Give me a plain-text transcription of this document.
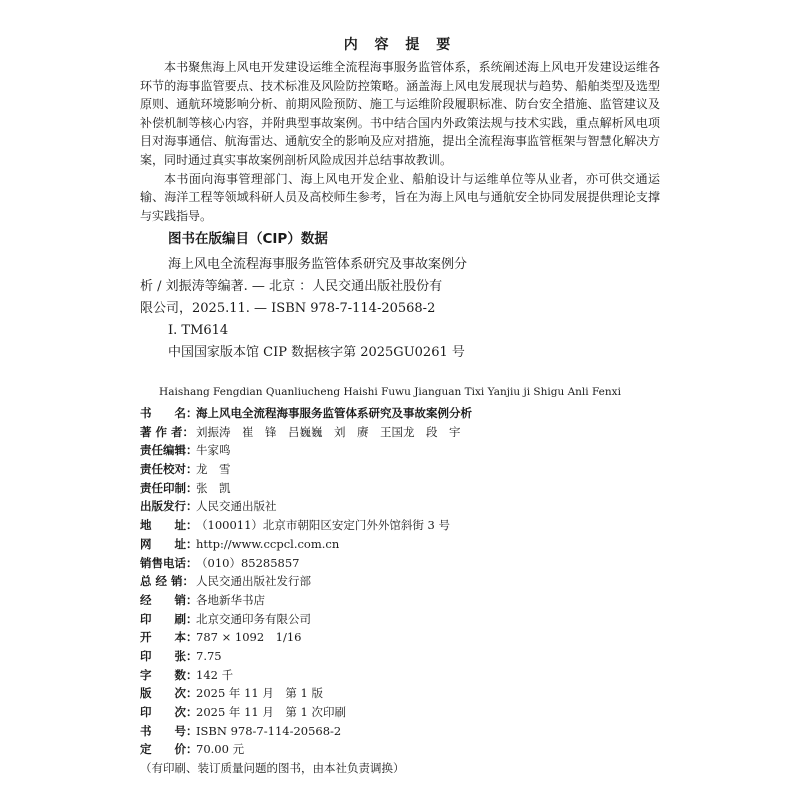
内 容 提 要

本书聚焦海上风电开发建设运维全流程海事服务监管体系，系统阐述海上风电开发建设运维各环节的海事监管要点、技术标准及风险防控策略。涵盖海上风电发展现状与趋势、船舶类型及选型原则、通航环境影响分析、前期风险预防、施工与运维阶段履职标准、防台安全措施、监管建议及补偿机制等核心内容，并附典型事故案例。书中结合国内外政策法规与技术实践，重点解析风电项目对海事通信、航海雷达、通航安全的影响及应对措施，提出全流程海事监管框架与智慧化解决方案，同时通过真实事故案例剖析风险成因并总结事故教训。

本书面向海事管理部门、海上风电开发企业、船舶设计与运维单位等从业者，亦可供交通运输、海洋工程等领域科研人员及高校师生参考，旨在为海上风电与通航安全协同发展提供理论支撑与实践指导。

图书在版编目（CIP）数据
海上风电全流程海事服务监管体系研究及事故案例分
析 / 刘振涛等编著. — 北京 ：人民交通出版社股份有
限公司，2025.11. — ISBN 978-7-114-20568-2
Ⅰ. TM614
中国国家版本馆 CIP 数据核字第 2025GU0261 号
Haishang Fengdian Quanliucheng Haishi Fuwu Jianguan Tixi Yanjiu ji Shigu Anli Fenxi
书　　名：海上风电全流程海事服务监管体系研究及事故案例分析
著 作 者： 刘振涛　崔　锋　吕巍巍　刘　赓　王国龙　段　宇
责任编辑：牛家鸣
责任校对：龙　雪
责任印制：张　凯
出版发行：人民交通出版社
地　　址：（100011）北京市朝阳区安定门外外馆斜街 3 号
网　　址：http://www.ccpcl.com.cn
销售电话：（010）85285857
总 经 销： 人民交通出版社发行部
经　　销：各地新华书店
印　　刷：北京交通印务有限公司
开　　本：787 × 1092　1/16
印　　张：7.75
字　　数：142 千
版　　次：2025 年 11 月　第 1 版
印　　次：2025 年 11 月　第 1 次印刷
书　　号：ISBN 978-7-114-20568-2
定　　价：70.00 元
（有印刷、装订质量问题的图书，由本社负责调换）
